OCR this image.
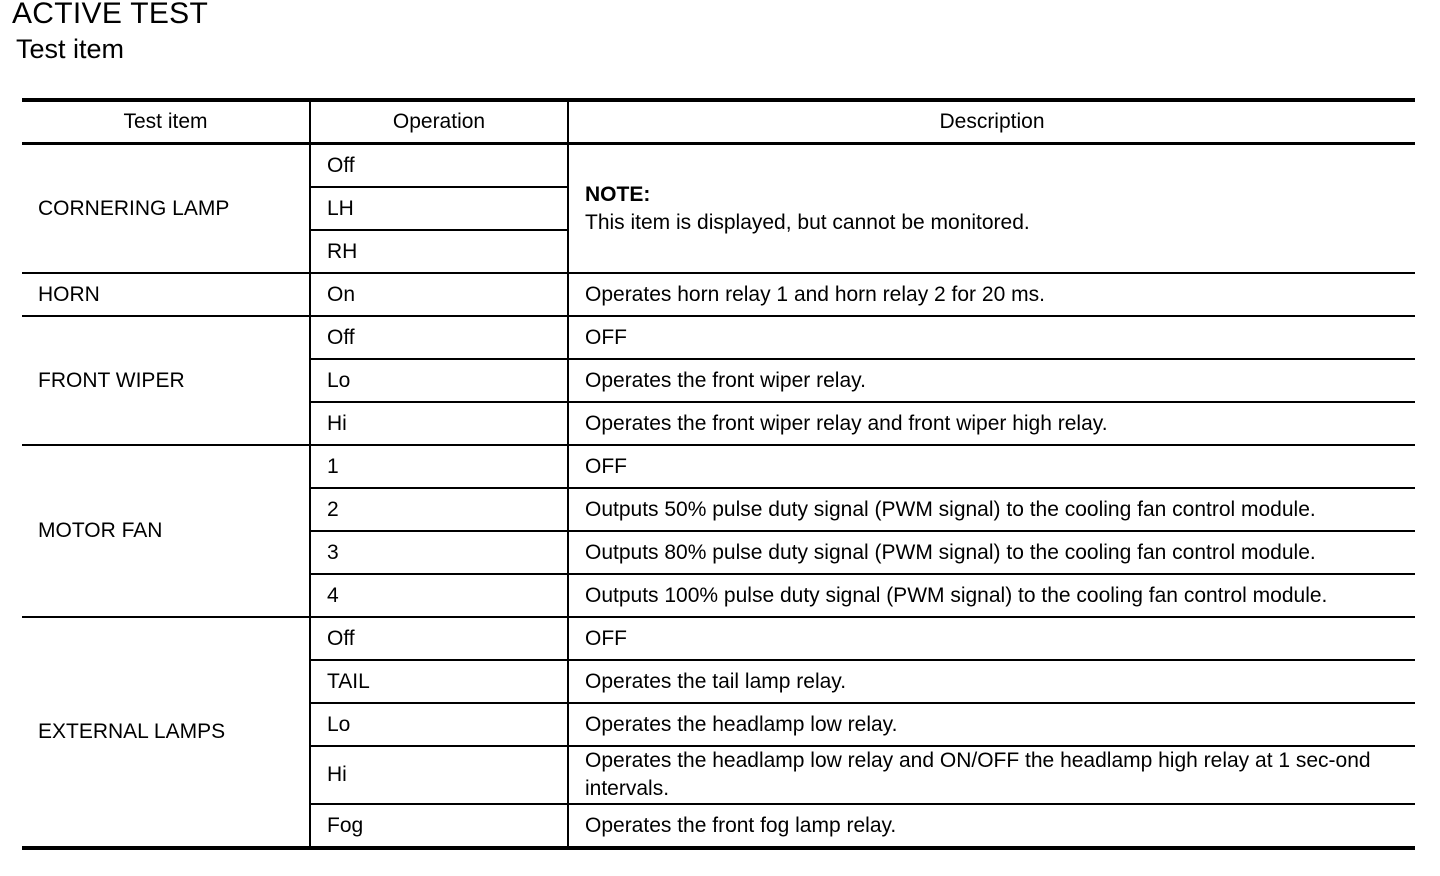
ACTIVE TEST
Test item
Test item	Operation	Description
CORNERING LAMP	Off	NOTE:
This item is displayed, but cannot be monitored.

	LH	
	RH	
HORN	On	Operates horn relay 1 and horn relay 2 for 20 ms.
FRONT WIPER	Off	OFF
	Lo	Operates the front wiper relay.
	Hi	Operates the front wiper relay and front wiper high relay.
MOTOR FAN	1	OFF
	2	Outputs 50% pulse duty signal (PWM signal) to the cooling fan control module.
	3	Outputs 80% pulse duty signal (PWM signal) to the cooling fan control module.
	4	Outputs 100% pulse duty signal (PWM signal) to the cooling fan control module.
EXTERNAL LAMPS	Off	OFF
	TAIL	Operates the tail lamp relay.
	Lo	Operates the headlamp low relay.
	Hi	Operates the headlamp low relay and ON/OFF the headlamp high relay at 1 sec-ond intervals.
	Fog	Operates the front fog lamp relay.
